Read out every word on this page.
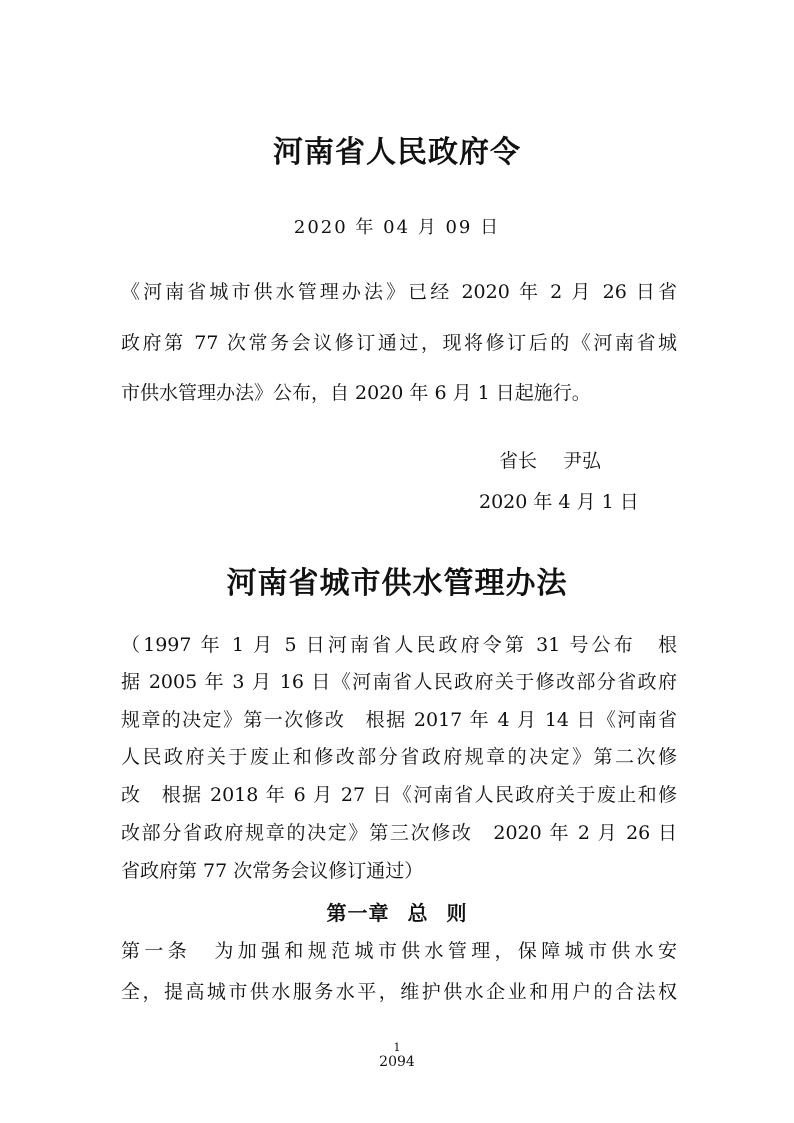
河南省人民政府令
2020 年 04 月 09 日
《河南省城市供水管理办法》已经 2020 年 2 月 26 日省
政府第 77 次常务会议修订通过，现将修订后的《河南省城
市供水管理办法》公布，自 2020 年 6 月 1 日起施行。
省长 尹弘
2020 年 4 月 1 日
河南省城市供水管理办法
（1997 年 1 月 5 日河南省人民政府令第 31 号公布　根
据 2005 年 3 月 16 日《河南省人民政府关于修改部分省政府
规章的决定》第一次修改　根据 2017 年 4 月 14 日《河南省
人民政府关于废止和修改部分省政府规章的决定》第二次修
改　根据 2018 年 6 月 27 日《河南省人民政府关于废止和修
改部分省政府规章的决定》第三次修改　2020 年 2 月 26 日
省政府第 77 次常务会议修订通过）
第一章 总 则
第一条　为加强和规范城市供水管理，保障城市供水安
全，提高城市供水服务水平，维护供水企业和用户的合法权
1
2094
